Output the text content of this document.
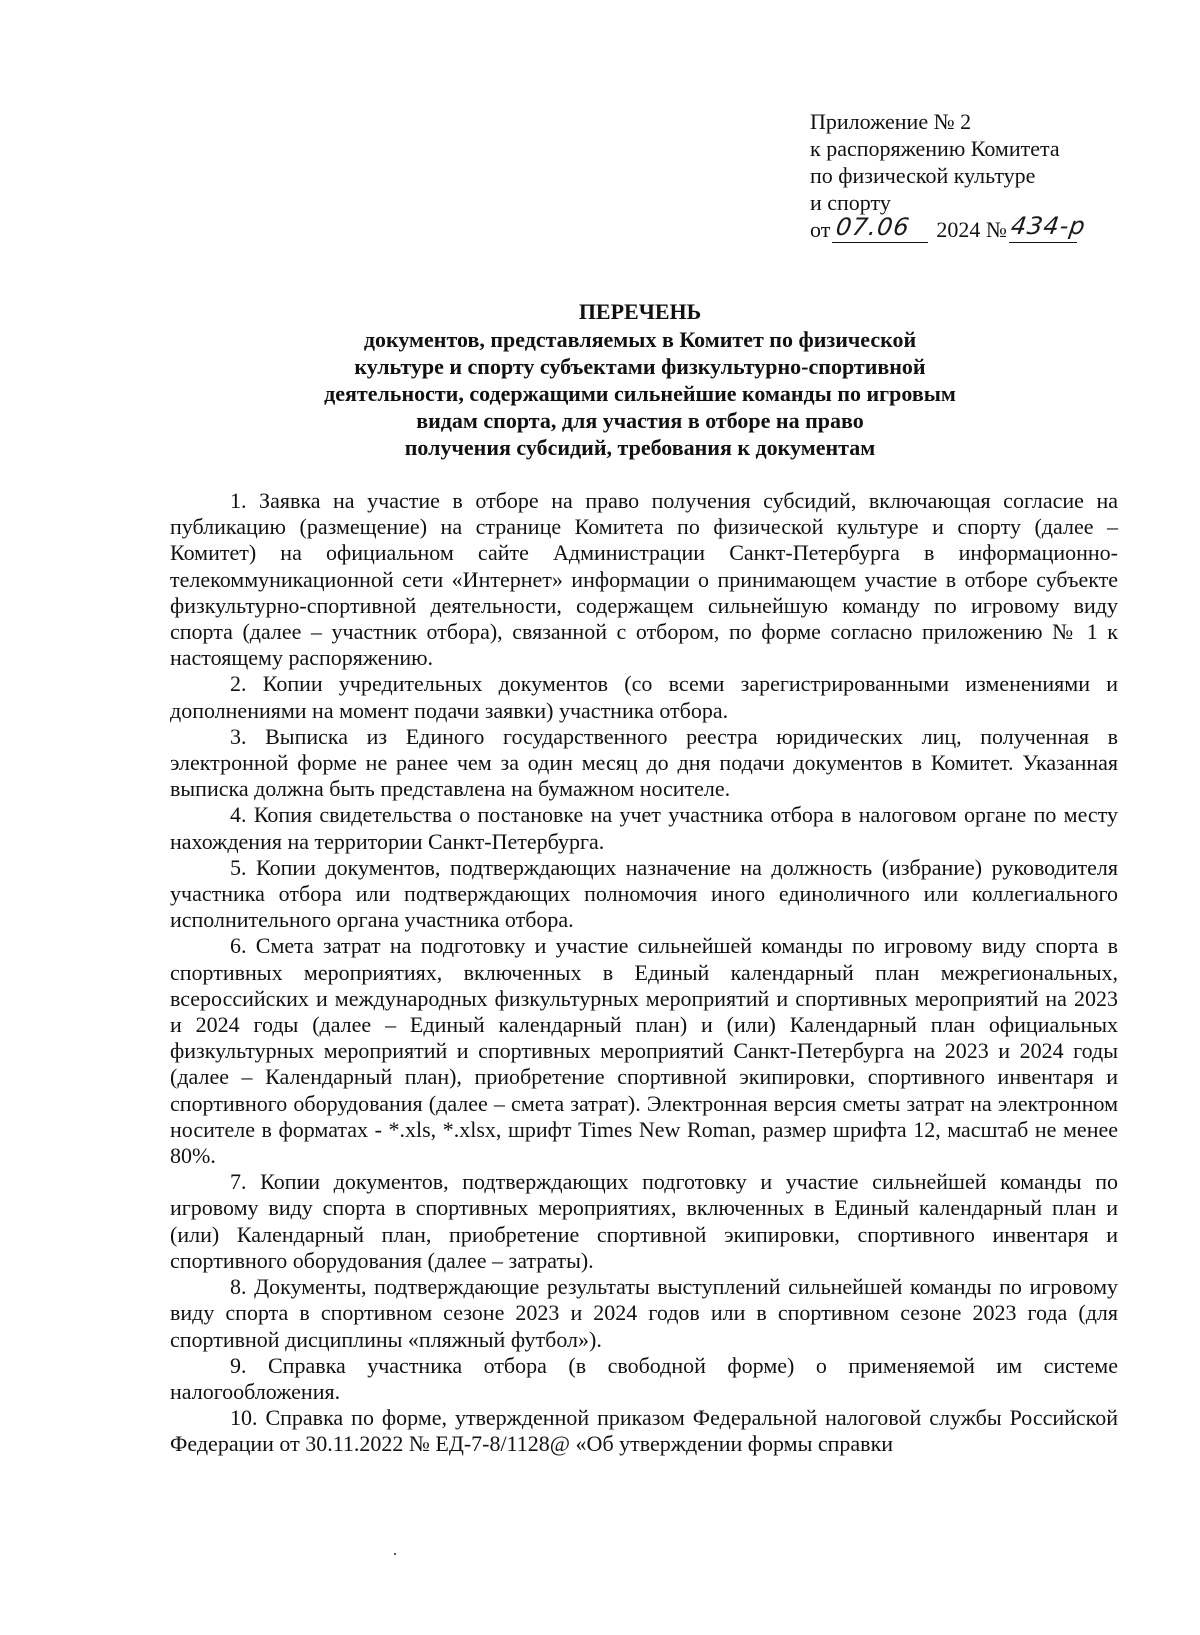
Приложение № 2
к распоряжению Комитета
по физической культуре
и спорту
от 07.06 2024 № 434-р
ПЕРЕЧЕНЬ
документов, представляемых в Комитет по физической
культуре и спорту субъектами физкультурно-спортивной
деятельности, содержащими сильнейшие команды по игровым
видам спорта, для участия в отборе на право
получения субсидий, требования к документам

1. Заявка на участие в отборе на право получения субсидий, включающая согласие на публикацию (размещение) на странице Комитета по физической культуре и спорту (далее – Комитет) на официальном сайте Администрации Санкт-Петербурга в информационно-телекоммуникационной сети «Интернет» информации о принимающем участие в отборе субъекте физкультурно-спортивной деятельности, содержащем сильнейшую команду по игровому виду спорта (далее – участник отбора), связанной с отбором, по форме согласно приложению № 1 к настоящему распоряжению.

2. Копии учредительных документов (со всеми зарегистрированными изменениями и дополнениями на момент подачи заявки) участника отбора.

3. Выписка из Единого государственного реестра юридических лиц, полученная в электронной форме не ранее чем за один месяц до дня подачи документов в Комитет. Указанная выписка должна быть представлена на бумажном носителе.

4. Копия свидетельства о постановке на учет участника отбора в налоговом органе по месту нахождения на территории Санкт-Петербурга.

5. Копии документов, подтверждающих назначение на должность (избрание) руководителя участника отбора или подтверждающих полномочия иного единоличного или коллегиального исполнительного органа участника отбора.

6. Смета затрат на подготовку и участие сильнейшей команды по игровому виду спорта в спортивных мероприятиях, включенных в Единый календарный план межрегиональных, всероссийских и международных физкультурных мероприятий и спортивных мероприятий на 2023 и 2024 годы (далее – Единый календарный план) и (или) Календарный план официальных физкультурных мероприятий и спортивных мероприятий Санкт-Петербурга на 2023 и 2024 годы (далее – Календарный план), приобретение спортивной экипировки, спортивного инвентаря и спортивного оборудования (далее – смета затрат). Электронная версия сметы затрат на электронном носителе в форматах - *.xls, *.xlsx, шрифт Times New Roman, размер шрифта 12, масштаб не менее 80%.

7. Копии документов, подтверждающих подготовку и участие сильнейшей команды по игровому виду спорта в спортивных мероприятиях, включенных в Единый календарный план и (или) Календарный план, приобретение спортивной экипировки, спортивного инвентаря и спортивного оборудования (далее – затраты).

8. Документы, подтверждающие результаты выступлений сильнейшей команды по игровому виду спорта в спортивном сезоне 2023 и 2024 годов или в спортивном сезоне 2023 года (для спортивной дисциплины «пляжный футбол»).

9. Справка участника отбора (в свободной форме) о применяемой им системе налогообложения.

10. Справка по форме, утвержденной приказом Федеральной налоговой службы Российской Федерации от 30.11.2022 № ЕД-7-8/1128@ «Об утверждении формы справки
